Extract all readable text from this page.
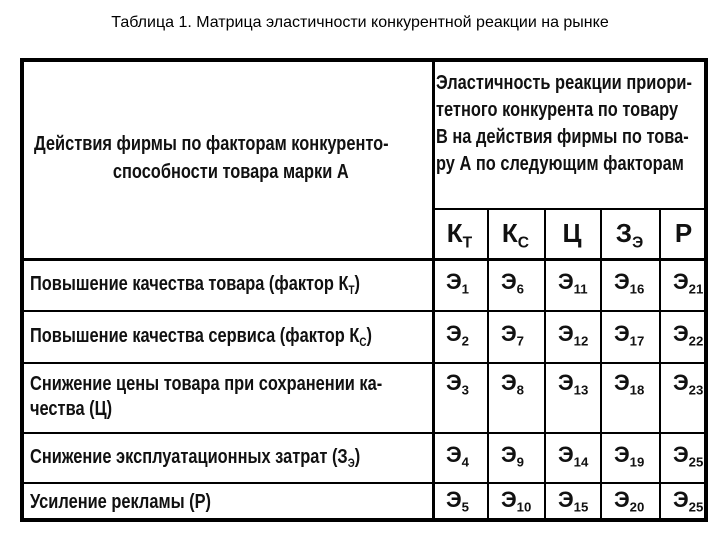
Таблица 1. Матрица эластичности конкурентной реакции на рынке
Действия фирмы по факторам конкуренто-
способности товара марки А
Эластичность реакции приори-
тетного конкурента по товару
В на действия фирмы по това-
ру А по следующим факторам
$К_Т$	$К_С$	Ц	$З_Э$	Р
Повышение качества товара (фактор $К_Т$)	$Э_1$ $Э_6$ $Э_{11}$ $Э_{16}$ $Э_{21}$
Повышение качества сервиса (фактор $К_С$)	$Э_2$ $Э_7$ $Э_{12}$ $Э_{17}$ $Э_{22}$
Снижение цены товара при сохранении ка-
чества (Ц)
$Э_3$ $Э_8$ $Э_{13}$ $Э_{18}$ $Э_{23}$
Снижение эксплуатационных затрат $(З_Э)$	$Э_4$ $Э_9$ $Э_{14}$ $Э_{19}$ $Э_{25}$
Усиление рекламы (Р)	$Э_5$ $Э_{10}$ $Э_{15}$ $Э_{20}$ $Э_{25}$
